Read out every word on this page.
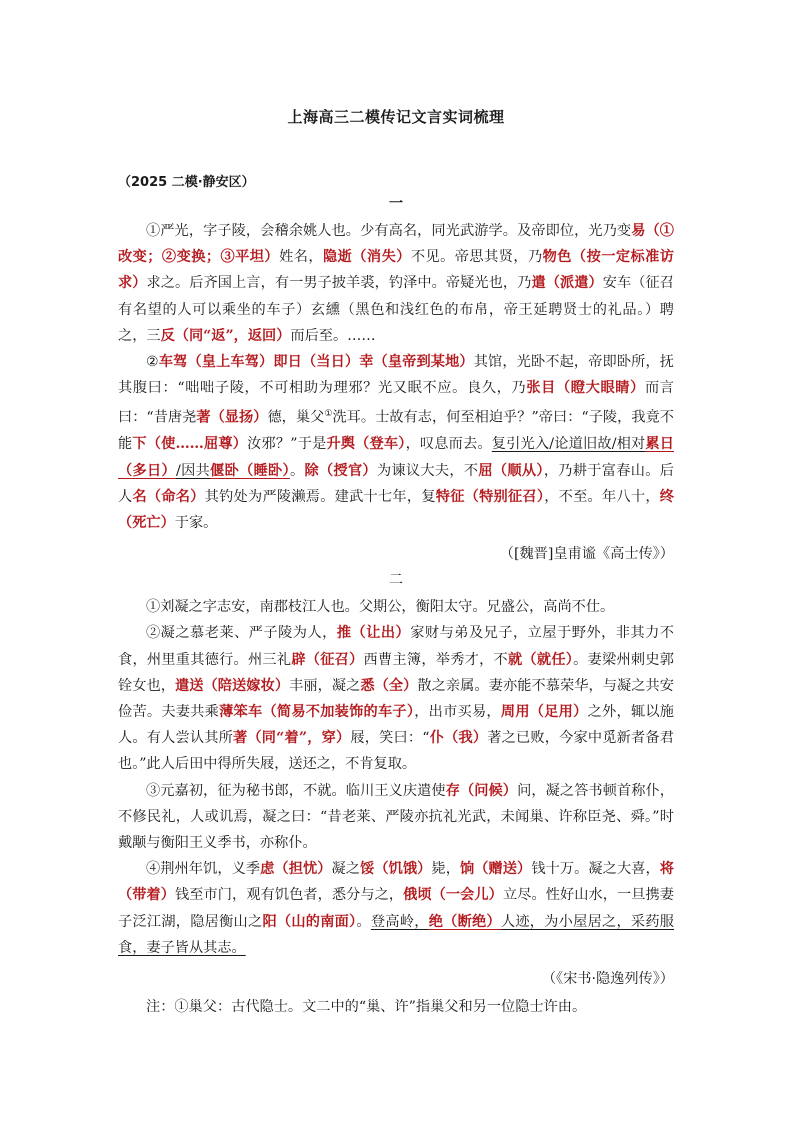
上海高三二模传记文言实词梳理
（2025 二模·静安区）
一

①严光，字子陵，会稽余姚人也。少有高名，同光武游学。及帝即位，光乃变易（①改变；②变换；③平坦）姓名，隐逝（消失）不见。帝思其贤，乃物色（按一定标准访求）求之。后齐国上言，有一男子披羊裘，钓泽中。帝疑光也，乃遣（派遣）安车（征召有名望的人可以乘坐的车子）玄纁（黑色和浅红色的布帛，帝王延聘贤士的礼品。）聘之，三反（同“返”，返回）而后至。……

②车驾（皇上车驾）即日（当日）幸（皇帝到某地）其馆，光卧不起，帝即卧所，抚其腹曰：“咄咄子陵，不可相助为理邪？光又眠不应。良久，乃张目（瞪大眼睛）而言曰：“昔唐尧著（显扬）德，巢父①洗耳。士故有志，何至相迫乎？”帝曰：“子陵，我竟不能下（使……屈尊）汝邪？”于是升舆（登车），叹息而去。复引光入/论道旧故/相对累日（多日）/因共偃卧（睡卧）。除（授官）为谏议大夫，不屈（顺从），乃耕于富春山。后人名（命名）其钓处为严陵濑焉。建武十七年，复特征（特别征召），不至。年八十，终（死亡）于家。

（[魏晋]皇甫谧《高士传》）
二

①刘凝之字志安，南郡枝江人也。父期公，衡阳太守。兄盛公，高尚不仕。

②凝之慕老莱、严子陵为人，推（让出）家财与弟及兄子，立屋于野外，非其力不食，州里重其德行。州三礼辟（征召）西曹主簿，举秀才，不就（就任）。妻梁州刺史郭铨女也，遣送（陪送嫁妆）丰丽，凝之悉（全）散之亲属。妻亦能不慕荣华，与凝之共安俭苦。夫妻共乘薄笨车（简易不加装饰的车子），出市买易，周用（足用）之外，辄以施人。有人尝认其所著（同“着”，穿）屐，笑曰：“仆（我）著之已败，今家中觅新者备君也。”此人后田中得所失屐，送还之，不肯复取。

③元嘉初，征为秘书郎，不就。临川王义庆遣使存（问候）问，凝之答书顿首称仆，不修民礼，人或讥焉，凝之曰：“昔老莱、严陵亦抗礼光武，未闻巢、许称臣尧、舜。”时戴颙与衡阳王义季书，亦称仆。

④荆州年饥，义季虑（担忧）凝之馁（饥饿）毙，饷（赠送）钱十万。凝之大喜，将（带着）钱至市门，观有饥色者，悉分与之，俄顷（一会儿）立尽。性好山水，一旦携妻子泛江湖，隐居衡山之阳（山的南面）。登高岭，绝（断绝）人迹，为小屋居之，采药服食，妻子皆从其志。

（《宋书·隐逸列传》）
注：①巢父：古代隐士。文二中的“巢、许”指巢父和另一位隐士许由。
